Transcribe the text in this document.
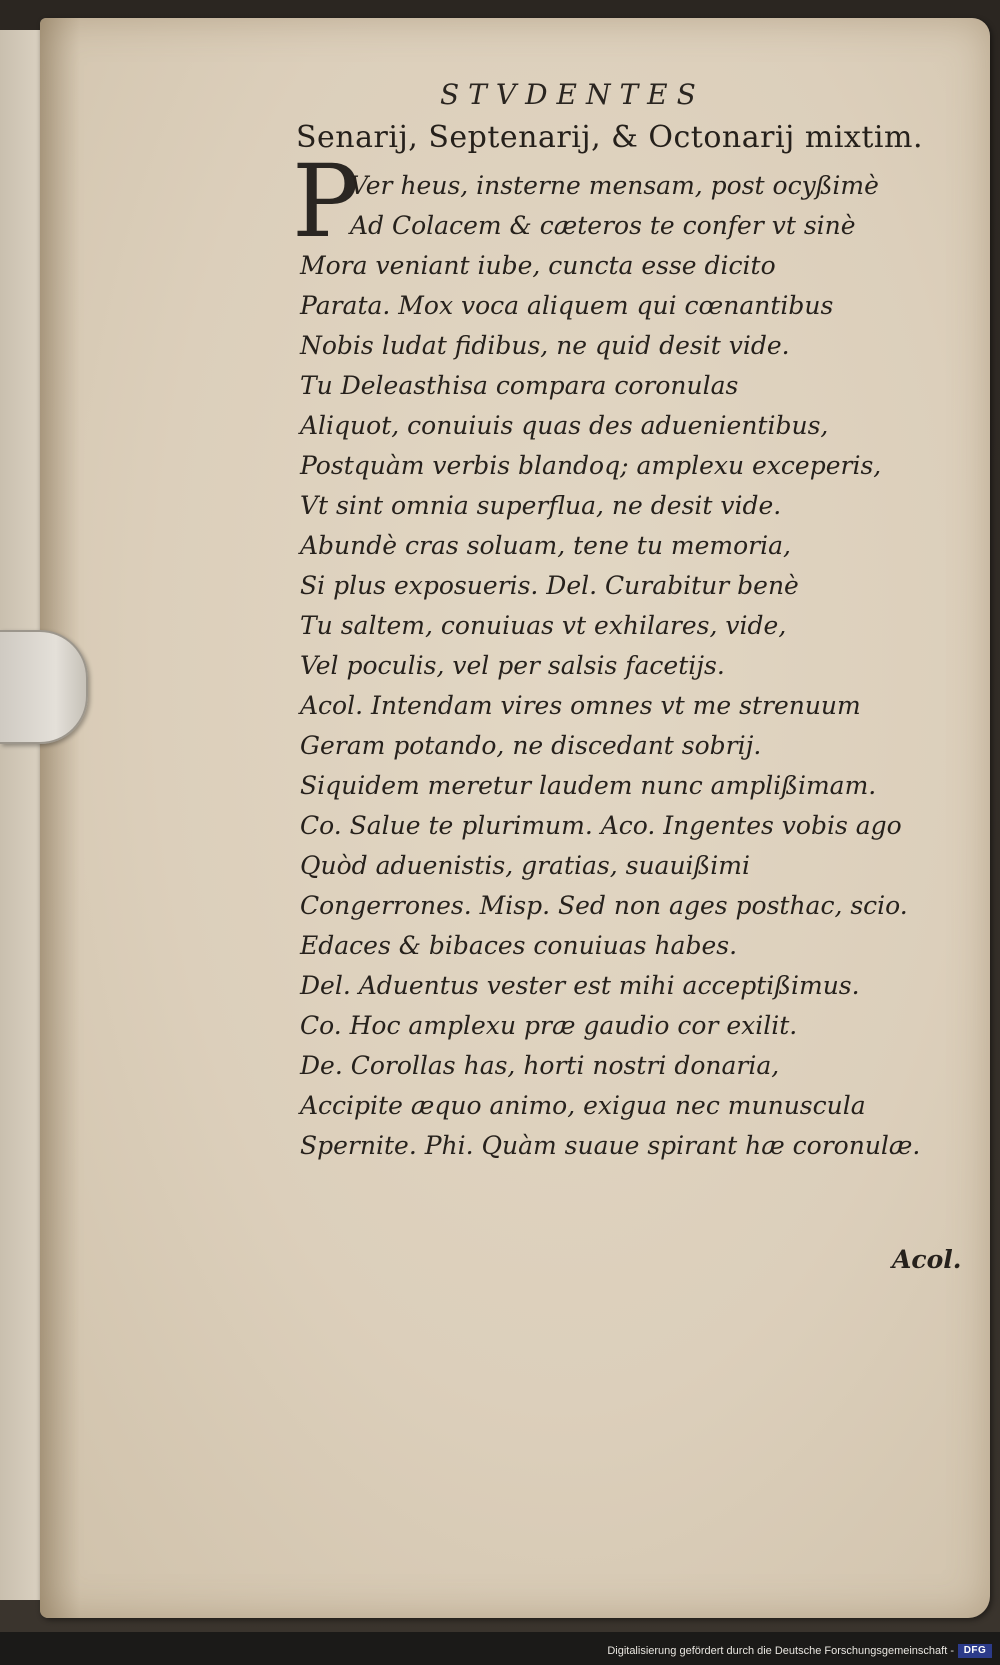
STVDENTES
Senarij, Septenarij, & Octonarij mixtim.
P
Ver heus, insterne mensam, post ocyßimè
Ad Colacem & cæteros te confer vt sinè
Mora veniant iube, cuncta esse dicito
Parata. Mox voca aliquem qui cœnantibus
Nobis ludat fidibus, ne quid desit vide.
Tu Deleasthisa compara coronulas
Aliquot, conuiuis quas des aduenientibus,
Postquàm verbis blandoq; amplexu exceperis,
Vt sint omnia superflua, ne desit vide.
Abundè cras soluam, tene tu memoria,
Si plus exposueris. Del. Curabitur benè
Tu saltem, conuiuas vt exhilares, vide,
Vel poculis, vel per salsis facetijs.
Acol. Intendam vires omnes vt me strenuum
Geram potando, ne discedant sobrij.
Siquidem meretur laudem nunc amplißimam.
Co. Salue te plurimum. Aco. Ingentes vobis ago
Quòd aduenistis, gratias, suauißimi
Congerrones. Misp. Sed non ages posthac, scio.
Edaces & bibaces conuiuas habes.
Del. Aduentus vester est mihi acceptißimus.
Co. Hoc amplexu præ gaudio cor exilit.
De. Corollas has, horti nostri donaria,
Accipite æquo animo, exigua nec munuscula
Spernite. Phi. Quàm suaue spirant hæ coronulæ.
Acol.
Digitalisierung gefördert durch die Deutsche Forschungsgemeinschaft - DFG
